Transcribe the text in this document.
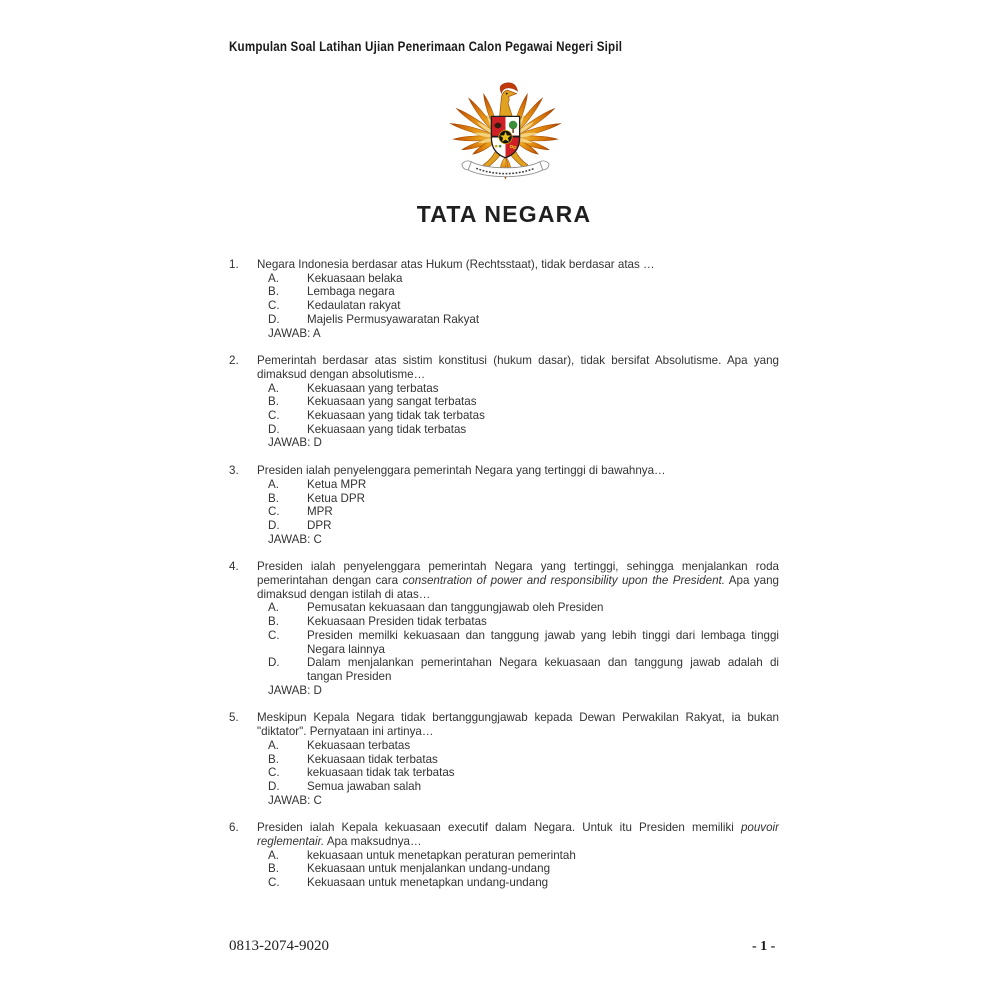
Kumpulan Soal Latihan Ujian Penerimaan Calon Pegawai Negeri Sipil
TATA NEGARA
1.	Negara Indonesia berdasar atas Hukum (Rechtsstaat), tidak berdasar atas …
A.	Kekuasaan belaka
B.	Lembaga negara
C.	Kedaulatan rakyat
D.	Majelis Permusyawaratan Rakyat
JAWAB: A
2.	Pemerintah berdasar atas sistim konstitusi (hukum dasar), tidak bersifat Absolutisme. Apa yang dimaksud dengan absolutisme…
A.	Kekuasaan yang terbatas
B.	Kekuasaan yang sangat terbatas
C.	Kekuasaan yang tidak tak terbatas
D.	Kekuasaan yang tidak terbatas
JAWAB: D
3.	Presiden ialah penyelenggara pemerintah Negara yang tertinggi di bawahnya…
A.	Ketua MPR
B.	Ketua DPR
C.	MPR
D.	DPR
JAWAB: C
4.	Presiden ialah penyelenggara pemerintah Negara yang tertinggi, sehingga menjalankan roda pemerintahan dengan cara consentration of power and responsibility upon the President. Apa yang dimaksud dengan istilah di atas…
A.	Pemusatan kekuasaan dan tanggungjawab oleh Presiden
B.	Kekuasaan Presiden tidak terbatas
C.	Presiden memilki kekuasaan dan tanggung jawab yang lebih tinggi dari lembaga tinggi Negara lainnya
D.	Dalam menjalankan pemerintahan Negara kekuasaan dan tanggung jawab adalah di tangan Presiden
JAWAB: D
5.	Meskipun Kepala Negara tidak bertanggungjawab kepada Dewan Perwakilan Rakyat, ia bukan "diktator". Pernyataan ini artinya…
A.	Kekuasaan terbatas
B.	Kekuasaan tidak terbatas
C.	kekuasaan tidak tak terbatas
D.	Semua jawaban salah
JAWAB: C
6.	Presiden ialah Kepala kekuasaan executif dalam Negara. Untuk itu Presiden memiliki pouvoir reglementair. Apa maksudnya…
A.	kekuasaan untuk menetapkan peraturan pemerintah
B.	Kekuasaan untuk menjalankan undang-undang
C.	Kekuasaan untuk menetapkan undang-undang
0813-2074-9020	- 1 -
